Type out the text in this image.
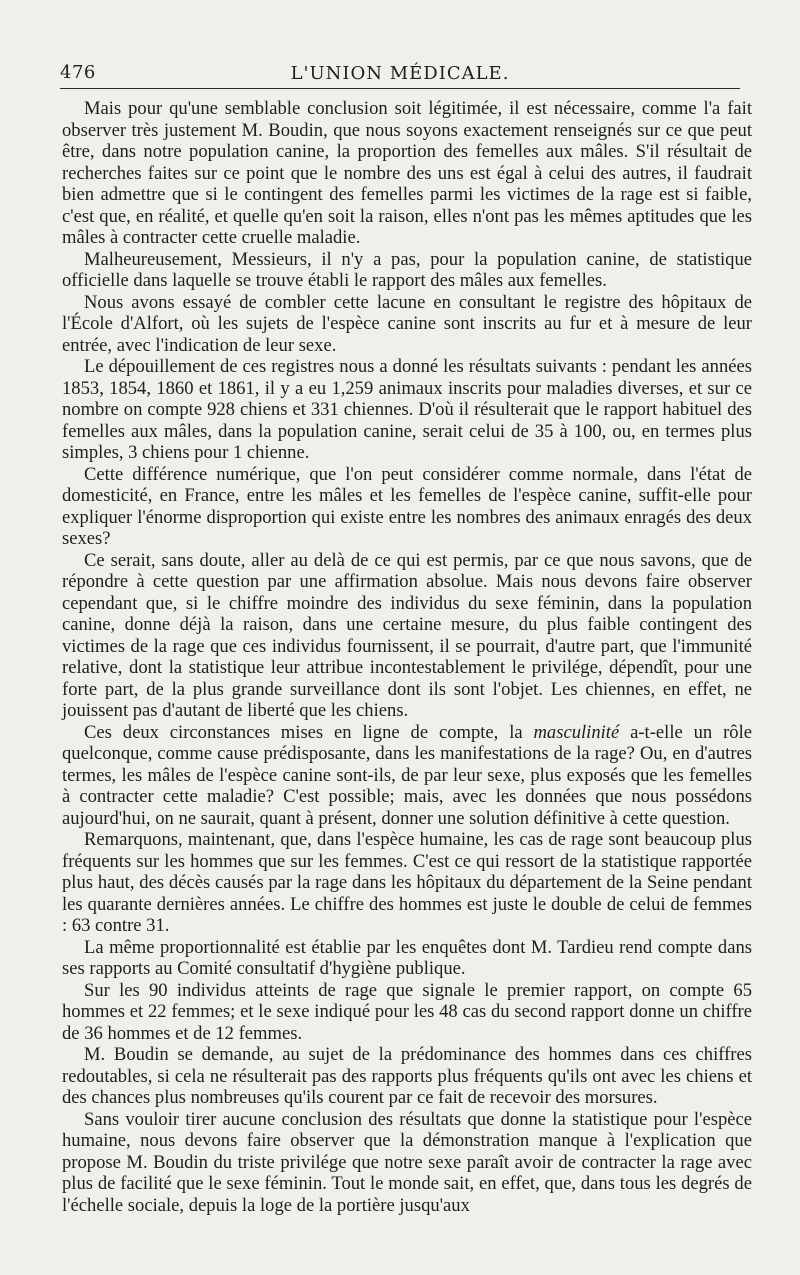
476	L'UNION MÉDICALE.

Mais pour qu'une semblable conclusion soit légitimée, il est nécessaire, comme l'a fait observer très justement M. Boudin, que nous soyons exactement renseignés sur ce que peut être, dans notre population canine, la proportion des femelles aux mâles. S'il résultait de recherches faites sur ce point que le nombre des uns est égal à celui des autres, il faudrait bien admettre que si le contingent des femelles parmi les victimes de la rage est si faible, c'est que, en réalité, et quelle qu'en soit la raison, elles n'ont pas les mêmes aptitudes que les mâles à contracter cette cruelle maladie.

Malheureusement, Messieurs, il n'y a pas, pour la population canine, de statistique officielle dans laquelle se trouve établi le rapport des mâles aux femelles.

Nous avons essayé de combler cette lacune en consultant le registre des hôpitaux de l'École d'Alfort, où les sujets de l'espèce canine sont inscrits au fur et à mesure de leur entrée, avec l'indication de leur sexe.

Le dépouillement de ces registres nous a donné les résultats suivants : pendant les années 1853, 1854, 1860 et 1861, il y a eu 1,259 animaux inscrits pour maladies diverses, et sur ce nombre on compte 928 chiens et 331 chiennes. D'où il résulterait que le rapport habituel des femelles aux mâles, dans la population canine, serait celui de 35 à 100, ou, en termes plus simples, 3 chiens pour 1 chienne.

Cette différence numérique, que l'on peut considérer comme normale, dans l'état de domesticité, en France, entre les mâles et les femelles de l'espèce canine, suffit-elle pour expliquer l'énorme disproportion qui existe entre les nombres des animaux enragés des deux sexes?

Ce serait, sans doute, aller au delà de ce qui est permis, par ce que nous savons, que de répondre à cette question par une affirmation absolue. Mais nous devons faire observer cependant que, si le chiffre moindre des individus du sexe féminin, dans la population canine, donne déjà la raison, dans une certaine mesure, du plus faible contingent des victimes de la rage que ces individus fournissent, il se pourrait, d'autre part, que l'immunité relative, dont la statistique leur attribue incontestablement le privilége, dépendît, pour une forte part, de la plus grande surveillance dont ils sont l'objet. Les chiennes, en effet, ne jouissent pas d'autant de liberté que les chiens.

Ces deux circonstances mises en ligne de compte, la masculinité a-t-elle un rôle quelconque, comme cause prédisposante, dans les manifestations de la rage? Ou, en d'autres termes, les mâles de l'espèce canine sont-ils, de par leur sexe, plus exposés que les femelles à contracter cette maladie? C'est possible; mais, avec les données que nous possédons aujourd'hui, on ne saurait, quant à présent, donner une solution définitive à cette question.

Remarquons, maintenant, que, dans l'espèce humaine, les cas de rage sont beaucoup plus fréquents sur les hommes que sur les femmes. C'est ce qui ressort de la statistique rapportée plus haut, des décès causés par la rage dans les hôpitaux du département de la Seine pendant les quarante dernières années. Le chiffre des hommes est juste le double de celui de femmes : 63 contre 31.

La même proportionnalité est établie par les enquêtes dont M. Tardieu rend compte dans ses rapports au Comité consultatif d'hygiène publique.

Sur les 90 individus atteints de rage que signale le premier rapport, on compte 65 hommes et 22 femmes; et le sexe indiqué pour les 48 cas du second rapport donne un chiffre de 36 hommes et de 12 femmes.

M. Boudin se demande, au sujet de la prédominance des hommes dans ces chiffres redoutables, si cela ne résulterait pas des rapports plus fréquents qu'ils ont avec les chiens et des chances plus nombreuses qu'ils courent par ce fait de recevoir des morsures.

Sans vouloir tirer aucune conclusion des résultats que donne la statistique pour l'espèce humaine, nous devons faire observer que la démonstration manque à l'explication que propose M. Boudin du triste privilége que notre sexe paraît avoir de contracter la rage avec plus de facilité que le sexe féminin. Tout le monde sait, en effet, que, dans tous les degrés de l'échelle sociale, depuis la loge de la portière jusqu'aux
